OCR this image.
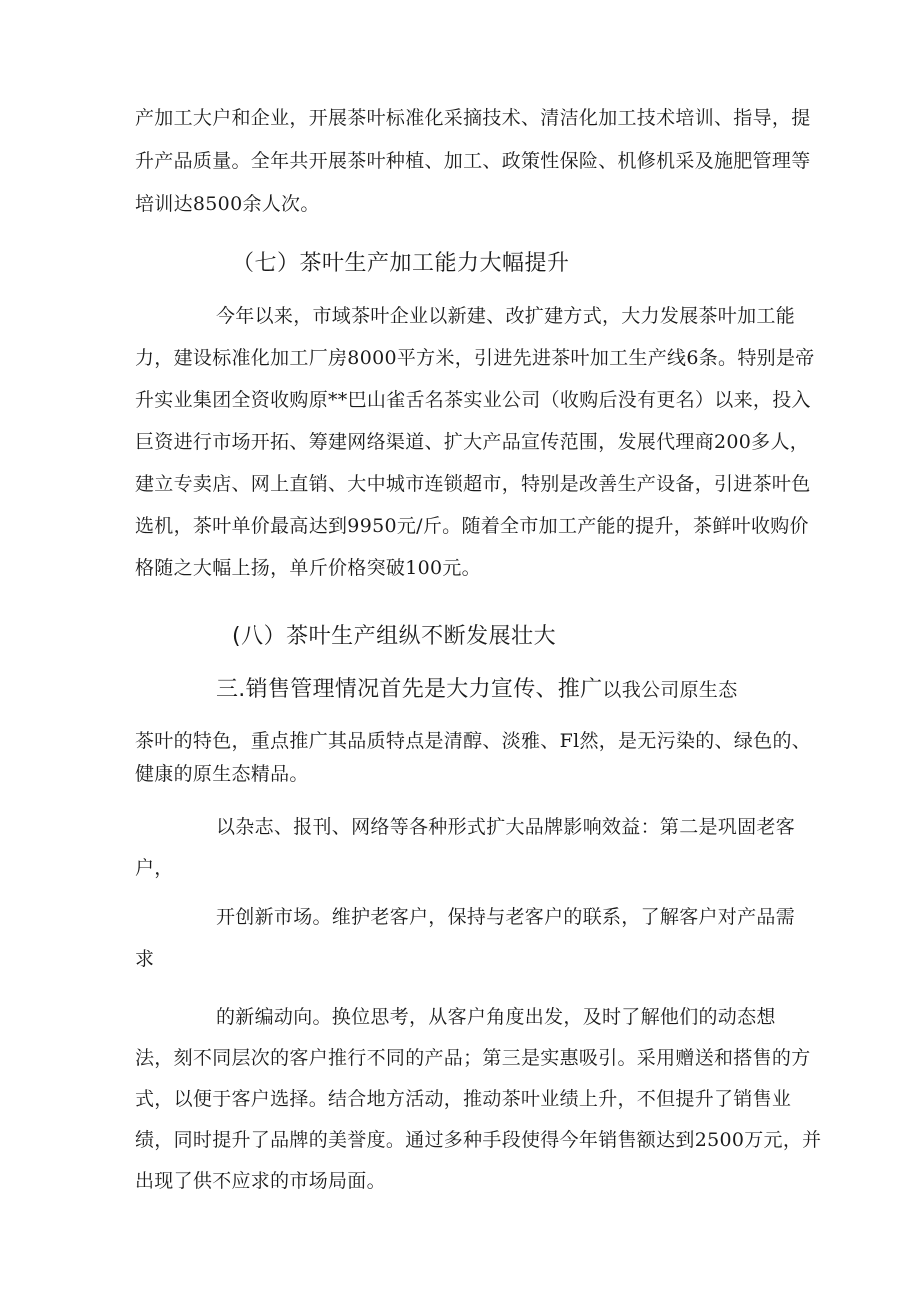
产加工大户和企业，开展茶叶标准化采摘技术、清洁化加工技术培训、指导，提
升产品质量。全年共开展茶叶种植、加工、政策性保险、机修机采及施肥管理等
培训达8500余人次。
（七）茶叶生产加工能力大幅提升
今年以来，市域茶叶企业以新建、改扩建方式，大力发展茶叶加工能
力，建设标准化加工厂房8000平方米，引进先进茶叶加工生产线6条。特别是帝
升实业集团全资收购原**巴山雀舌名茶实业公司（收购后没有更名）以来，投入
巨资进行市场开拓、筹建网络渠道、扩大产品宣传范围，发展代理商200多人，
建立专卖店、网上直销、大中城市连锁超市，特别是改善生产设备，引进茶叶色
选机，茶叶单价最高达到9950元/斤。随着全市加工产能的提升，茶鲜叶收购价
格随之大幅上扬，单斤价格突破100元。
(八）茶叶生产组纵不断发展壮大
三.销售管理情况首先是大力宣传、推广以我公司原生态
茶叶的特色，重点推广其品质特点是清醇、淡雅、Fl然，是无污染的、绿色的、
健康的原生态精品。
以杂志、报刊、网络等各种形式扩大品牌影响效益：第二是巩固老客
户，
开创新市场。维护老客户，保持与老客户的联系，了解客户对产品需
求
的新编动向。换位思考，从客户角度出发，及时了解他们的动态想
法，刻不同层次的客户推行不同的产品；第三是实惠吸引。采用赠送和搭售的方
式，以便于客户选择。结合地方活动，推动茶叶业绩上升，不但提升了销售业
绩，同时提升了品牌的美誉度。通过多种手段使得今年销售额达到2500万元，并
出现了供不应求的市场局面。
